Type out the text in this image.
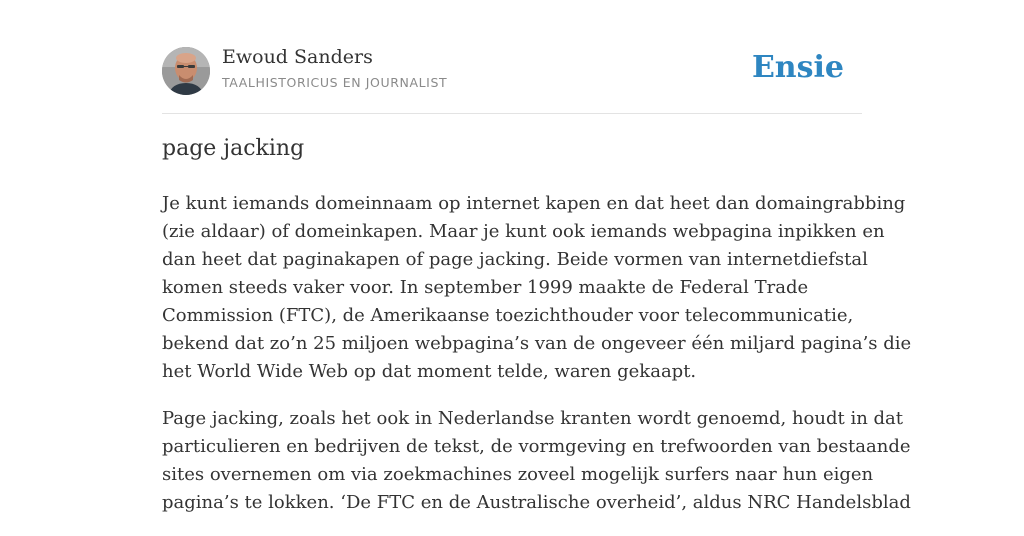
Ewoud Sanders
TAALHISTORICUS EN JOURNALIST	Ensie
page jacking

Je kunt iemands domeinnaam op internet kapen en dat heet dan domaingrabbing
(zie aldaar) of domeinkapen. Maar je kunt ook iemands webpagina inpikken en
dan heet dat paginakapen of page jacking. Beide vormen van internetdiefstal
komen steeds vaker voor. In september 1999 maakte de Federal Trade
Commission (FTC), de Amerikaanse toezichthouder voor telecommunicatie,
bekend dat zo’n 25 miljoen webpagina’s van de ongeveer één miljard pagina’s die
het World Wide Web op dat moment telde, waren gekaapt.

Page jacking, zoals het ook in Nederlandse kranten wordt genoemd, houdt in dat
particulieren en bedrijven de tekst, de vormgeving en trefwoorden van bestaande
sites overnemen om via zoekmachines zoveel mogelijk surfers naar hun eigen
pagina’s te lokken. ‘De FTC en de Australische overheid’, aldus NRC Handelsblad
